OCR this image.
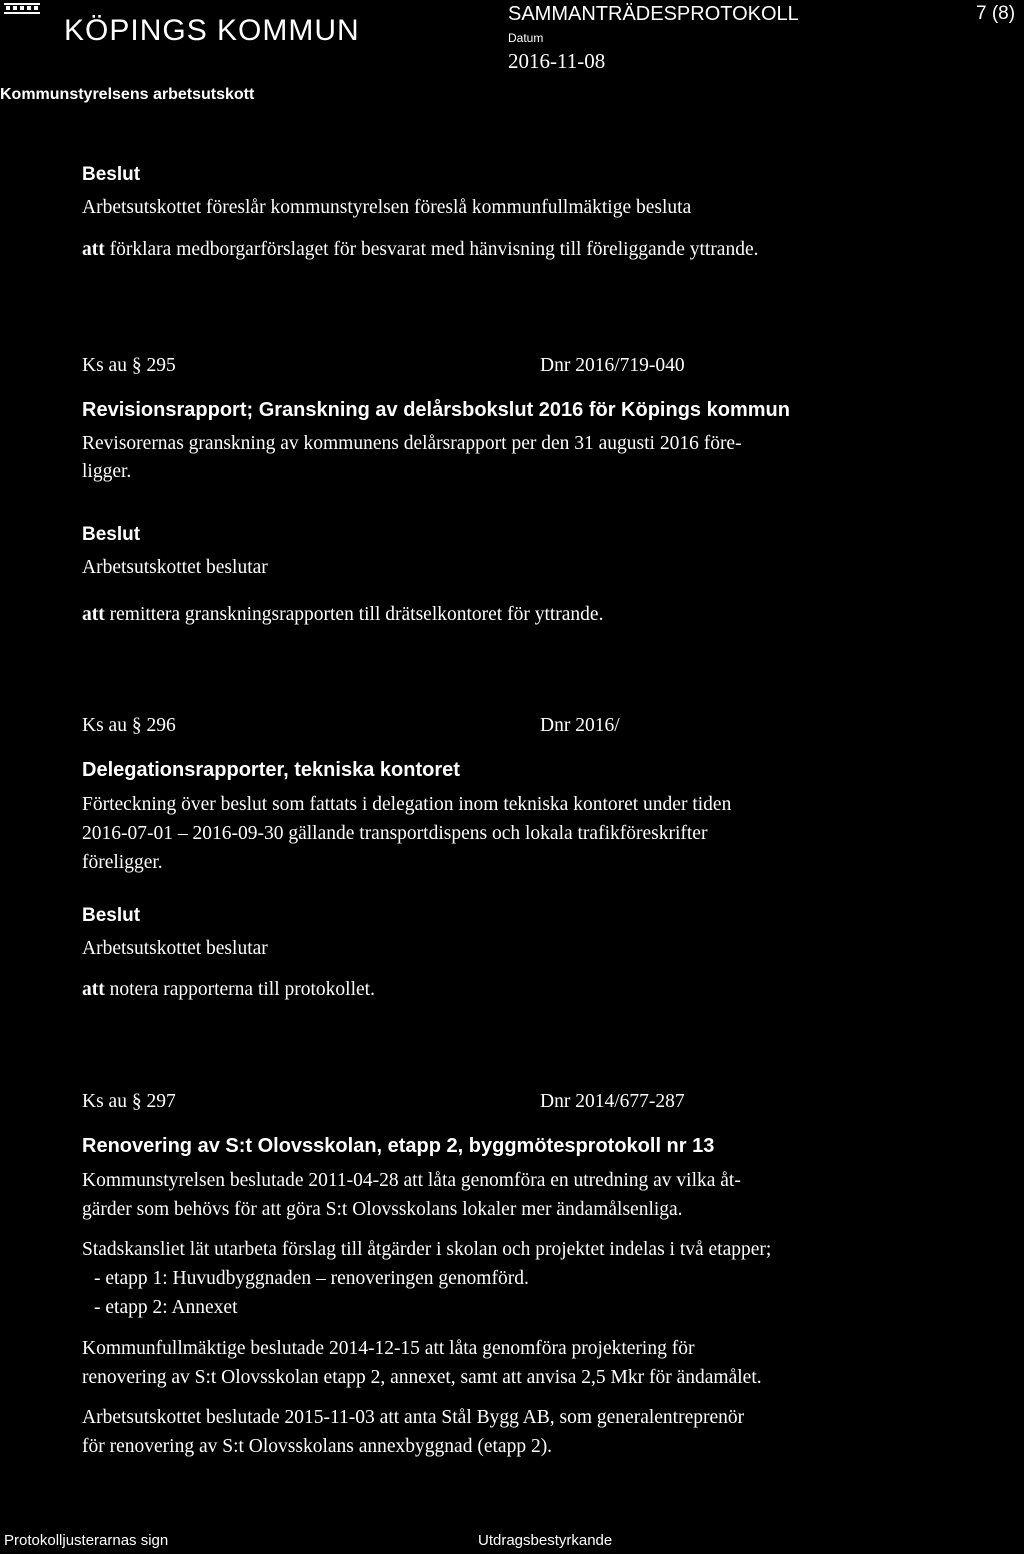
KÖPINGS KOMMUN
Kommunstyrelsens arbetsutskott
SAMMANTRÄDESPROTOKOLL
Datum
2016-11-08
7 (8)
Beslut
Arbetsutskottet föreslår kommunstyrelsen föreslå kommunfullmäktige besluta
att förklara medborgarförslaget för besvarat med hänvisning till föreliggande yttrande.
Ks au § 295	Dnr 2016/719-040
Revisionsrapport; Granskning av delårsbokslut 2016 för Köpings kommun
Revisorernas granskning av kommunens delårsrapport per den 31 augusti 2016 före-
ligger.
Beslut
Arbetsutskottet beslutar
att remittera granskningsrapporten till drätselkontoret för yttrande.
Ks au § 296	Dnr 2016/
Delegationsrapporter, tekniska kontoret
Förteckning över beslut som fattats i delegation inom tekniska kontoret under tiden
2016-07-01 – 2016-09-30 gällande transportdispens och lokala trafikföreskrifter
föreligger.
Beslut
Arbetsutskottet beslutar
att notera rapporterna till protokollet.
Ks au § 297	Dnr 2014/677-287
Renovering av S:t Olovsskolan, etapp 2, byggmötesprotokoll nr 13
Kommunstyrelsen beslutade 2011-04-28 att låta genomföra en utredning av vilka åt-
gärder som behövs för att göra S:t Olovsskolans lokaler mer ändamålsenliga.
Stadskansliet lät utarbeta förslag till åtgärder i skolan och projektet indelas i två etapper;
- etapp 1: Huvudbyggnaden – renoveringen genomförd.
- etapp 2: Annexet
Kommunfullmäktige beslutade 2014-12-15 att låta genomföra projektering för
renovering av S:t Olovsskolan etapp 2, annexet, samt att anvisa 2,5 Mkr för ändamålet.
Arbetsutskottet beslutade 2015-11-03 att anta Stål Bygg AB, som generalentreprenör
för renovering av S:t Olovsskolans annexbyggnad (etapp 2).
Protokolljusterarnas sign	Utdragsbestyrkande
